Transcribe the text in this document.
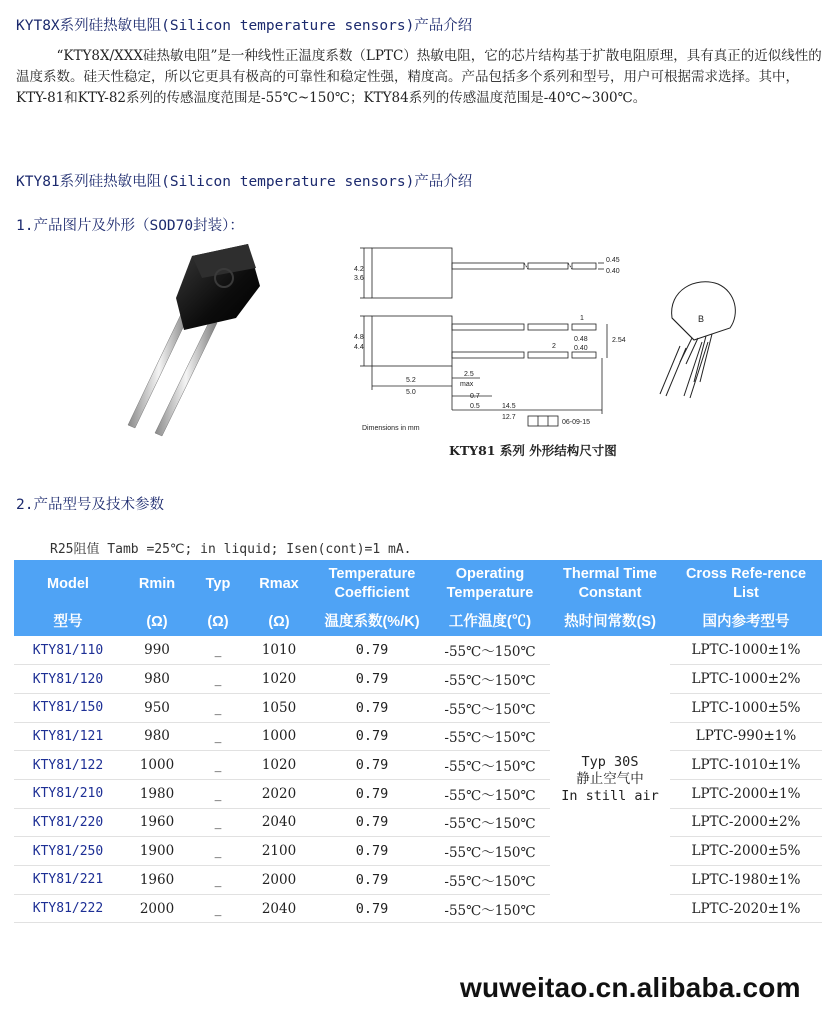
KYT8X系列硅热敏电阻(Silicon temperature sensors)产品介绍

“KTY8X/XXX硅热敏电阻”是一种线性正温度系数（LPTC）热敏电阻，它的芯片结构基于扩散电阻原理，具有真正的近似线性的温度系数。硅天性稳定，所以它更具有极高的可靠性和稳定性强，精度高。产品包括多个系列和型号，用户可根据需求选择。其中，KTY-81和KTY-82系列的传感温度范围是-55℃~150℃；KTY84系列的传感温度范围是-40℃~300℃。

KTY81系列硅热敏电阻(Silicon temperature sensors)产品介绍
1.产品图片及外形（SOD70封装）：
4.2
3.6
0.45
0.40
4.8
4.4
1
2
0.48
0.40
2.54
2.5
max
5.2
5.0
0.7
0.5	14.5
12.7
Dimensions in mm
06-09-15
B
KTY81 系列 外形结构尺寸图
2.产品型号及技术参数
R25阻值 Tamb =25℃; in liquid; Isen(cont)=1 mA.
Model	Rmin	Typ	Rmax	Temperature Coefficient	Operating Temperature	Thermal Time Constant	Cross Refe-rence List
型号	(Ω)	(Ω)	(Ω)	温度系数(%/K)	工作温度(℃)	热时间常数(S)	国内参考型号
KTY81/110	990	_	1010	0.79	-55℃～150℃	Typ 30S
静止空气中
In still air	LPTC-1000±1%
KTY81/120	980	_	1020	0.79	-55℃～150℃		LPTC-1000±2%
KTY81/150	950	_	1050	0.79	-55℃～150℃		LPTC-1000±5%
KTY81/121	980	_	1000	0.79	-55℃～150℃		LPTC-990±1%
KTY81/122	1000	_	1020	0.79	-55℃～150℃		LPTC-1010±1%
KTY81/210	1980	_	2020	0.79	-55℃～150℃		LPTC-2000±1%
KTY81/220	1960	_	2040	0.79	-55℃～150℃		LPTC-2000±2%
KTY81/250	1900	_	2100	0.79	-55℃～150℃		LPTC-2000±5%
KTY81/221	1960	_	2000	0.79	-55℃～150℃		LPTC-1980±1%
KTY81/222	2000	_	2040	0.79	-55℃～150℃		LPTC-2020±1%
wuweitao.cn.alibaba.com
